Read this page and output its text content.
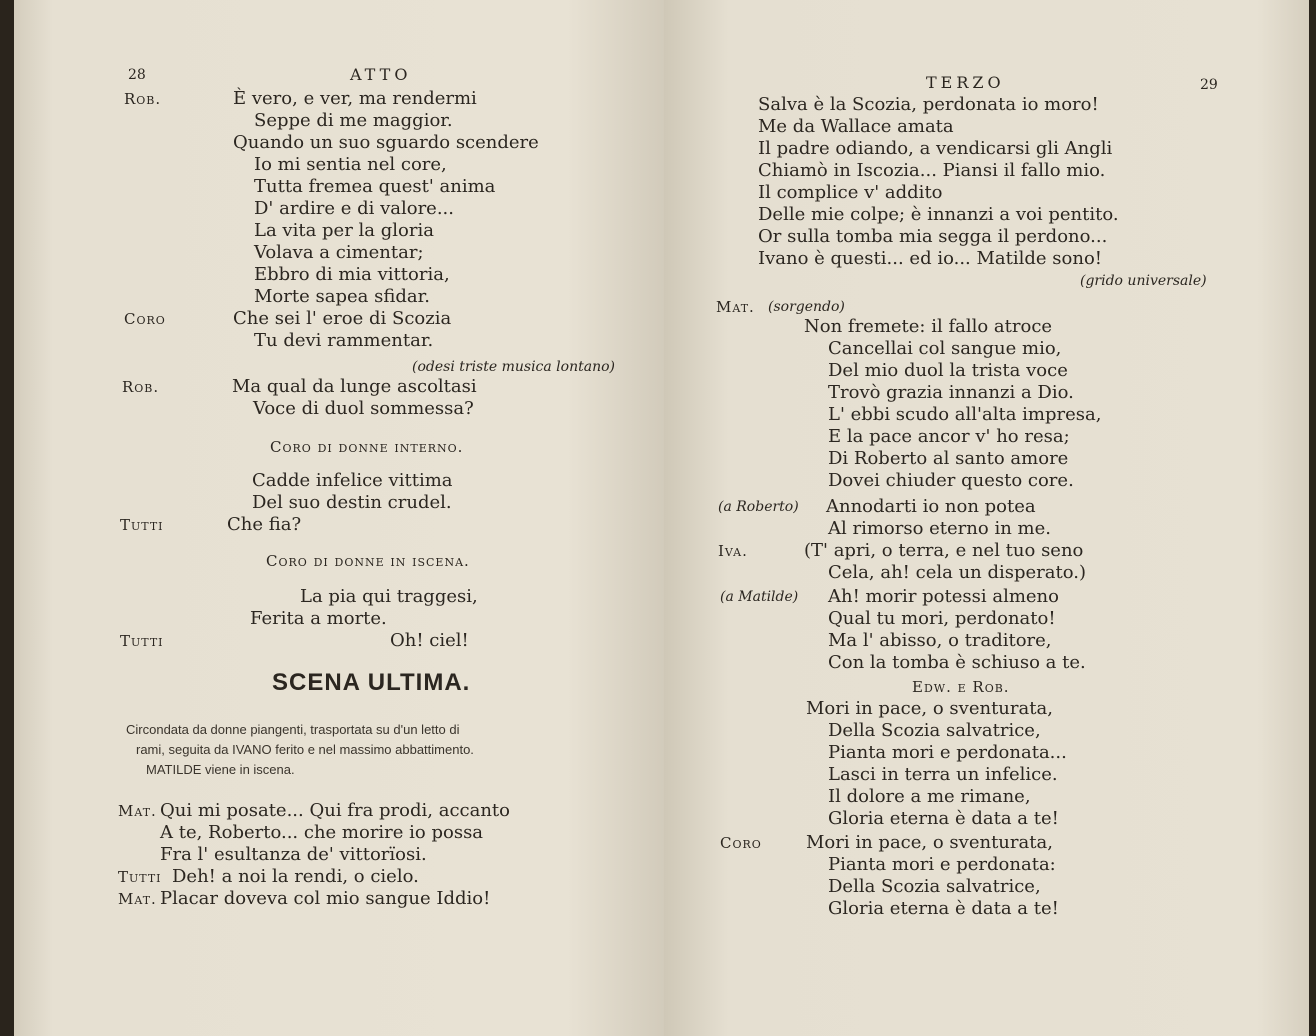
28	ATTO
(odesi triste musica lontano)
Rob.	Ma qual da lunge ascoltasi
Voce di duol sommessa?
Coro di donne interno.
Cadde infelice vittima
Del suo destin crudel.
Tutti	Che fia?
Coro di donne in iscena.
La pia qui traggesi,
Ferita a morte.
Tutti	Oh! ciel!
SCENA ULTIMA.
Circondata da donne piangenti, trasportata su d'un letto di
rami, seguita da IVANO ferito e nel massimo abbattimento.
MATILDE viene in iscena.
Mat. Qui mi posate... Qui fra prodi, accanto
A te, Roberto... che morire io possa
Fra l' esultanza de' vittorïosi.
Tutti Deh! a noi la rendi, o cielo.
Mat. Placar doveva col mio sangue Iddio!
Rob.	È vero, e ver, ma rendermi
Seppe di me maggior.
Quando un suo sguardo scendere
Io mi sentia nel core,
Tutta fremea quest' anima
D' ardire e di valore...
La vita per la gloria
Volava a cimentar;
Ebbro di mia vittoria,
Morte sapea sfidar.
Coro	Che sei l' eroe di Scozia
Tu devi rammentar.
TERZO	29
(grido universale)
Mat. (sorgendo)
(a Roberto) Annodarti io non potea
Al rimorso eterno in me.
Iva.	(T' apri, o terra, e nel tuo seno
Cela, ah! cela un disperato.)
(a Matilde) Ah! morir potessi almeno
Qual tu mori, perdonato!
Ma l' abisso, o traditore,
Con la tomba è schiuso a te.
Edw. e Rob.
Coro
Salva è la Scozia, perdonata io moro!
Me da Wallace amata
Il padre odiando, a vendicarsi gli Angli
Chiamò in Iscozia... Piansi il fallo mio.
Il complice v' addito
Delle mie colpe; è innanzi a voi pentito.
Or sulla tomba mia segga il perdono...
Ivano è questi... ed io... Matilde sono!
Non fremete: il fallo atroce
Cancellai col sangue mio,
Del mio duol la trista voce
Trovò grazia innanzi a Dio.
L' ebbi scudo all'alta impresa,
E la pace ancor v' ho resa;
Di Roberto al santo amore
Dovei chiuder questo core.
Mori in pace, o sventurata,
Della Scozia salvatrice,
Pianta mori e perdonata...
Lasci in terra un infelice.
Il dolore a me rimane,
Gloria eterna è data a te!
Mori in pace, o sventurata,
Pianta mori e perdonata:
Della Scozia salvatrice,
Gloria eterna è data a te!
